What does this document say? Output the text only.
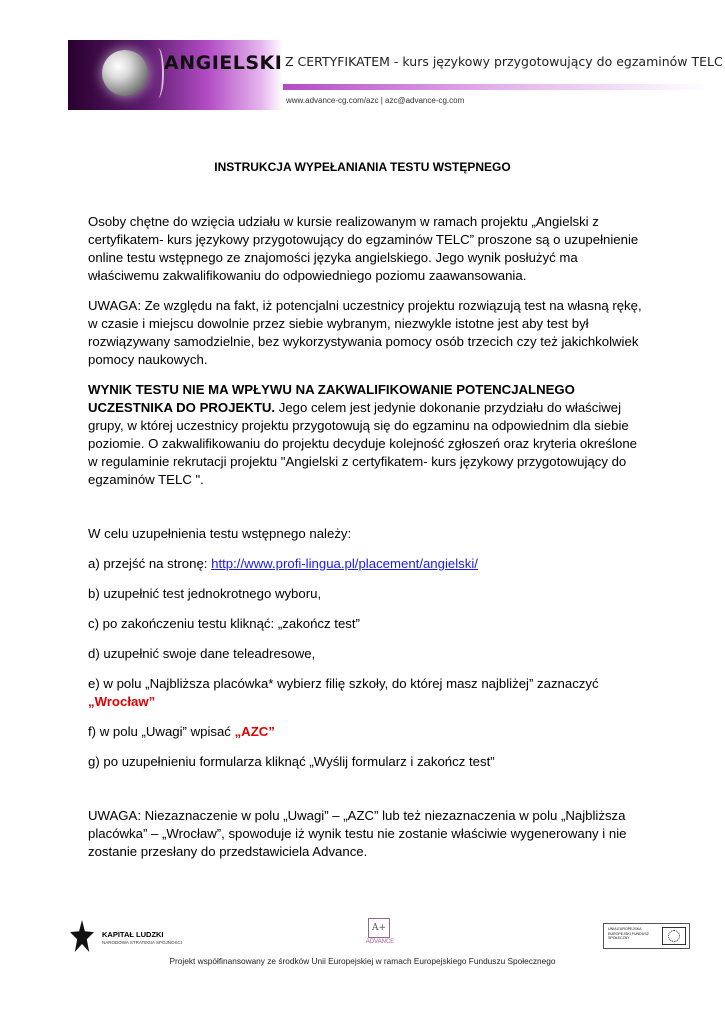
ANGIELSKI Z CERTYFIKATEM - kurs językowy przygotowujący do egzaminów TELC
www.advance-cg.com/azc | azc@advance-cg.com
INSTRUKCJA WYPEŁANIANIA TESTU WSTĘPNEGO

Osoby chętne do wzięcia udziału w kursie realizowanym w ramach projektu „Angielski z certyfikatem- kurs językowy przygotowujący do egzaminów TELC” proszone są o uzupełnienie online testu wstępnego ze znajomości języka angielskiego. Jego wynik posłużyć ma właściwemu zakwalifikowaniu do odpowiedniego poziomu zaawansowania.

UWAGA: Ze względu na fakt, iż potencjalni uczestnicy projektu rozwiązują test na własną rękę, w czasie i miejscu dowolnie przez siebie wybranym, niezwykle istotne jest aby test był rozwiązywany samodzielnie, bez wykorzystywania pomocy osób trzecich czy też jakichkolwiek pomocy naukowych.

WYNIK TESTU NIE MA WPŁYWU NA ZAKWALIFIKOWANIE POTENCJALNEGO UCZESTNIKA DO PROJEKTU. Jego celem jest jedynie dokonanie przydziału do właściwej grupy, w której uczestnicy projektu przygotowują się do egzaminu na odpowiednim dla siebie poziomie. O zakwalifikowaniu do projektu decyduje kolejność zgłoszeń oraz kryteria określone w regulaminie rekrutacji projektu "Angielski z certyfikatem- kurs językowy przygotowujący do egzaminów TELC ".

W celu uzupełnienia testu wstępnego należy:

a) przejść na stronę: http://www.profi-lingua.pl/placement/angielski/

b) uzupełnić test jednokrotnego wyboru,

c) po zakończeniu testu kliknąć: „zakończ test”

d) uzupełnić swoje dane teleadresowe,

e) w polu „Najbliższa placówka* wybierz filię szkoły, do której masz najbliżej” zaznaczyć „Wrocław”

f) w polu „Uwagi” wpisać „AZC”

g) po uzupełnieniu formularza kliknąć „Wyślij formularz i zakończ test”

UWAGA: Niezaznaczenie w polu „Uwagi” – „AZC” lub też niezaznaczenia w polu „Najbliższa placówka” – „Wrocław”, spowoduje iż wynik testu nie zostanie właściwie wygenerowany i nie zostanie przesłany do przedstawiciela Advance.

KAPITAŁ LUDZKI
NARODOWA STRATEGIA SPÓJNOŚCI
A+
ADVANCE
UNIA EUROPEJSKA EUROPEJSKI FUNDUSZ SPOŁECZNY
Projekt współfinansowany ze środków Unii Europejskiej w ramach Europejskiego Funduszu Społecznego
